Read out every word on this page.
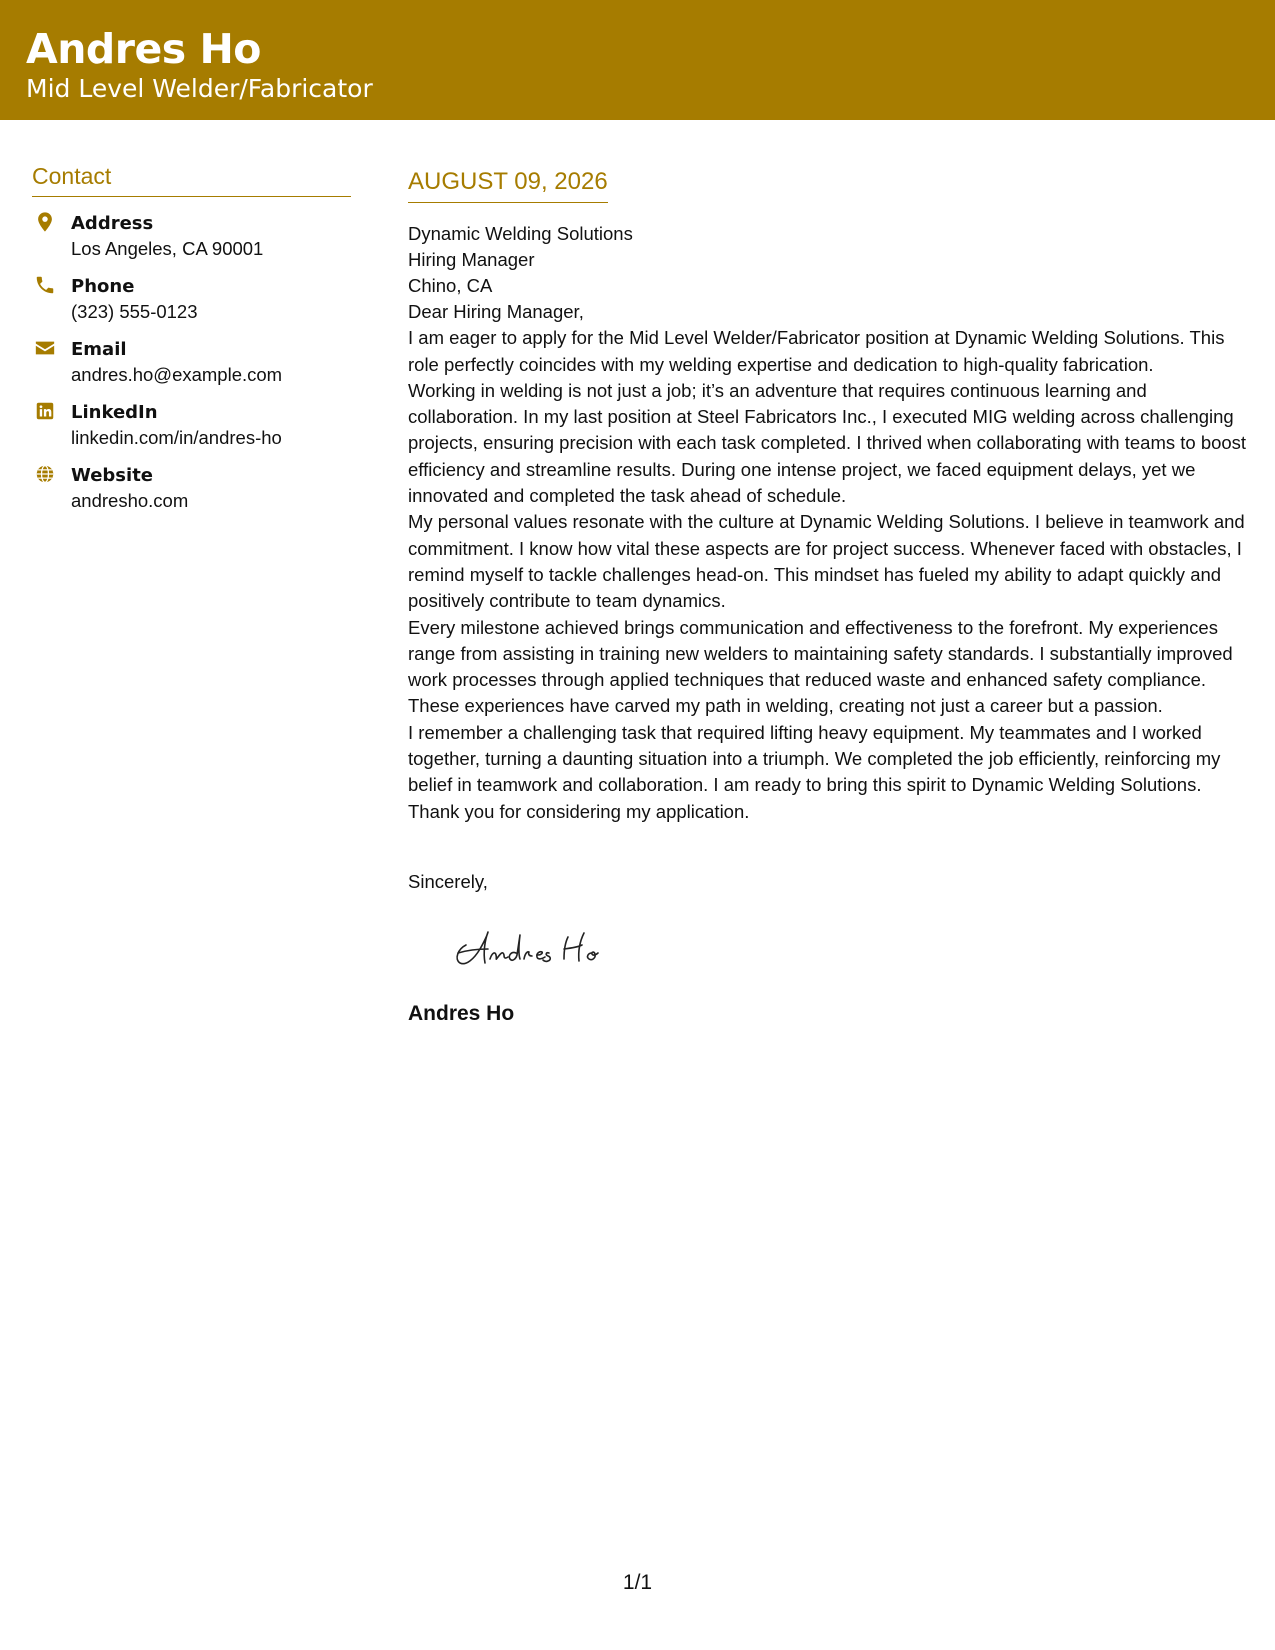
Andres Ho
Mid Level Welder/Fabricator
Contact
Address
Los Angeles, CA 90001
Phone
(323) 555-0123
Email
andres.ho@example.com
LinkedIn
linkedin.com/in/andres-ho
Website
andresho.com
AUGUST 09, 2026
Dynamic Welding Solutions
Hiring Manager
Chino, CA

Dear Hiring Manager,

I am eager to apply for the Mid Level Welder/Fabricator position at Dynamic Welding Solutions. This role perfectly coincides with my welding expertise and dedication to high-quality fabrication.

Working in welding is not just a job; it’s an adventure that requires continuous learning and collaboration. In my last position at Steel Fabricators Inc., I executed MIG welding across challenging projects, ensuring precision with each task completed. I thrived when collaborating with teams to boost efficiency and streamline results. During one intense project, we faced equipment delays, yet we innovated and completed the task ahead of schedule.

My personal values resonate with the culture at Dynamic Welding Solutions. I believe in teamwork and commitment. I know how vital these aspects are for project success. Whenever faced with obstacles, I remind myself to tackle challenges head-on. This mindset has fueled my ability to adapt quickly and positively contribute to team dynamics.

Every milestone achieved brings communication and effectiveness to the forefront. My experiences range from assisting in training new welders to maintaining safety standards. I substantially improved work processes through applied techniques that reduced waste and enhanced safety compliance. These experiences have carved my path in welding, creating not just a career but a passion.

I remember a challenging task that required lifting heavy equipment. My teammates and I worked together, turning a daunting situation into a triumph. We completed the job efficiently, reinforcing my belief in teamwork and collaboration. I am ready to bring this spirit to Dynamic Welding Solutions.

Thank you for considering my application.

Sincerely,
Andres Ho
1/1
